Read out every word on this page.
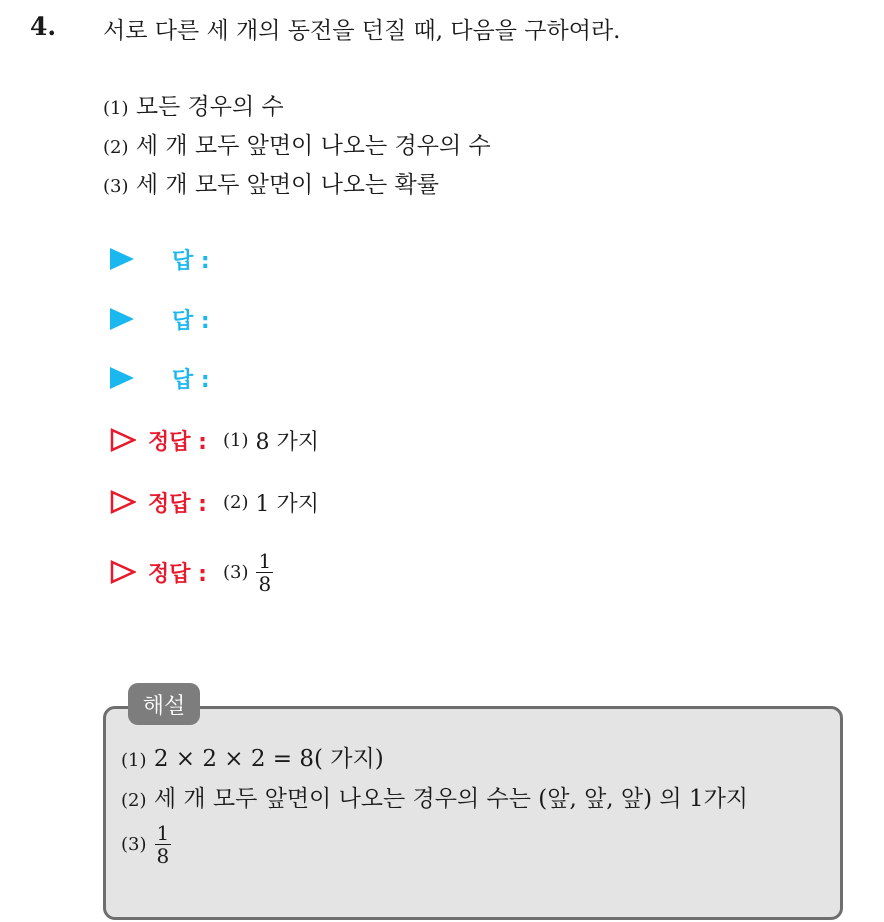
4. 서로 다른 세 개의 동전을 던질 때, 다음을 구하여라.
(1) 모든 경우의 수
(2) 세 개 모두 앞면이 나오는 경우의 수
(3) 세 개 모두 앞면이 나오는 확률
답 :
답 :
답 :
정답 : (1)
8 가지
정답 : (2)
1 가지
정답 : $(3) \frac{1}{8}$
해설
(1) 2 × 2 × 2 = 8( 가지)
(2) 세 개 모두 앞면이 나오는 경우의 수는 (앞, 앞, 앞) 의 1가지
$(3) \frac{1}{8}$
